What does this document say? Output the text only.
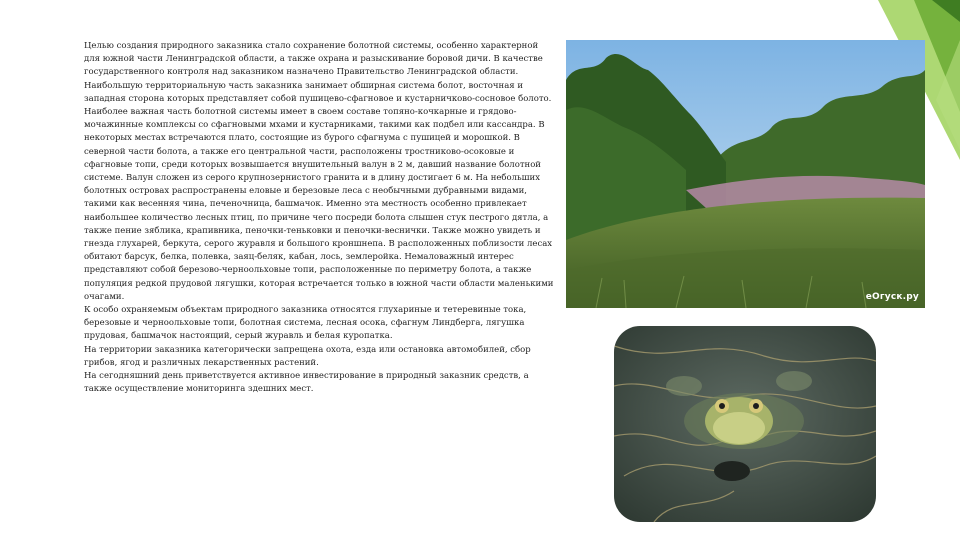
Целью создания природного заказника стало сохранение болотной системы, особенно характерной для южной части Ленинградской области, а также охрана и разыскивание боровой дичи. В качестве государственного контроля над заказником назначено Правительство Ленинградской области.

Наибольшую территориальную часть заказника занимает обширная система болот, восточная и западная сторона которых представляет собой пушицево-сфагновое и кустарничково-сосновое болото. Наиболее важная часть болотной системы имеет в своем составе топяно-кочкарные и грядово-мочажинные комплексы со сфагновыми мхами и кустарниками, такими как подбел или кассандра. В некоторых местах встречаются плато, состоящие из бурого сфагнума с пушицей и морошкой. В северной части болота, а также его центральной части, расположены тростниково-осоковые и сфагновые топи, среди которых возвышается внушительный валун в 2 м, давший название болотной системе. Валун сложен из серого крупнозернистого гранита и в длину достигает 6 м. На небольших болотных островах распространены еловые и березовые леса с необычными дубравными видами, такими как весенняя чина, печеночница, башмачок. Именно эта местность особенно привлекает наибольшее количество лесных птиц, по причине чего посреди болота слышен стук пестрого дятла, а также пение зяблика, крапивника, пеночки-теньковки и пеночки-веснички. Также можно увидеть и гнезда глухарей, беркута, серого журавля и большого кроншнепа. В расположенных поблизости лесах обитают барсук, белка, полевка, заяц-беляк, кабан, лось, землеройка. Немаловажный интерес представляют собой березово-черноольховые топи, расположенные по периметру болота, а также популяция редкой прудовой лягушки, которая встречается только в южной части области маленькими очагами.

К особо охраняемым объектам природного заказника относятся глухариные и тетеревиные тока, березовые и черноольховые топи, болотная система, лесная осока, сфагнум Линдберга, лягушка прудовая, башмачок настоящий, серый журавль и белая куропатка.

На территории заказника категорически запрещена охота, езда или остановка автомобилей, сбор грибов, ягод и различных лекарственных растений.

На сегодняшний день приветствуется активное инвестирование в природный заказник средств, а также осуществление мониторинга здешних мест.

еОгуск.ру
